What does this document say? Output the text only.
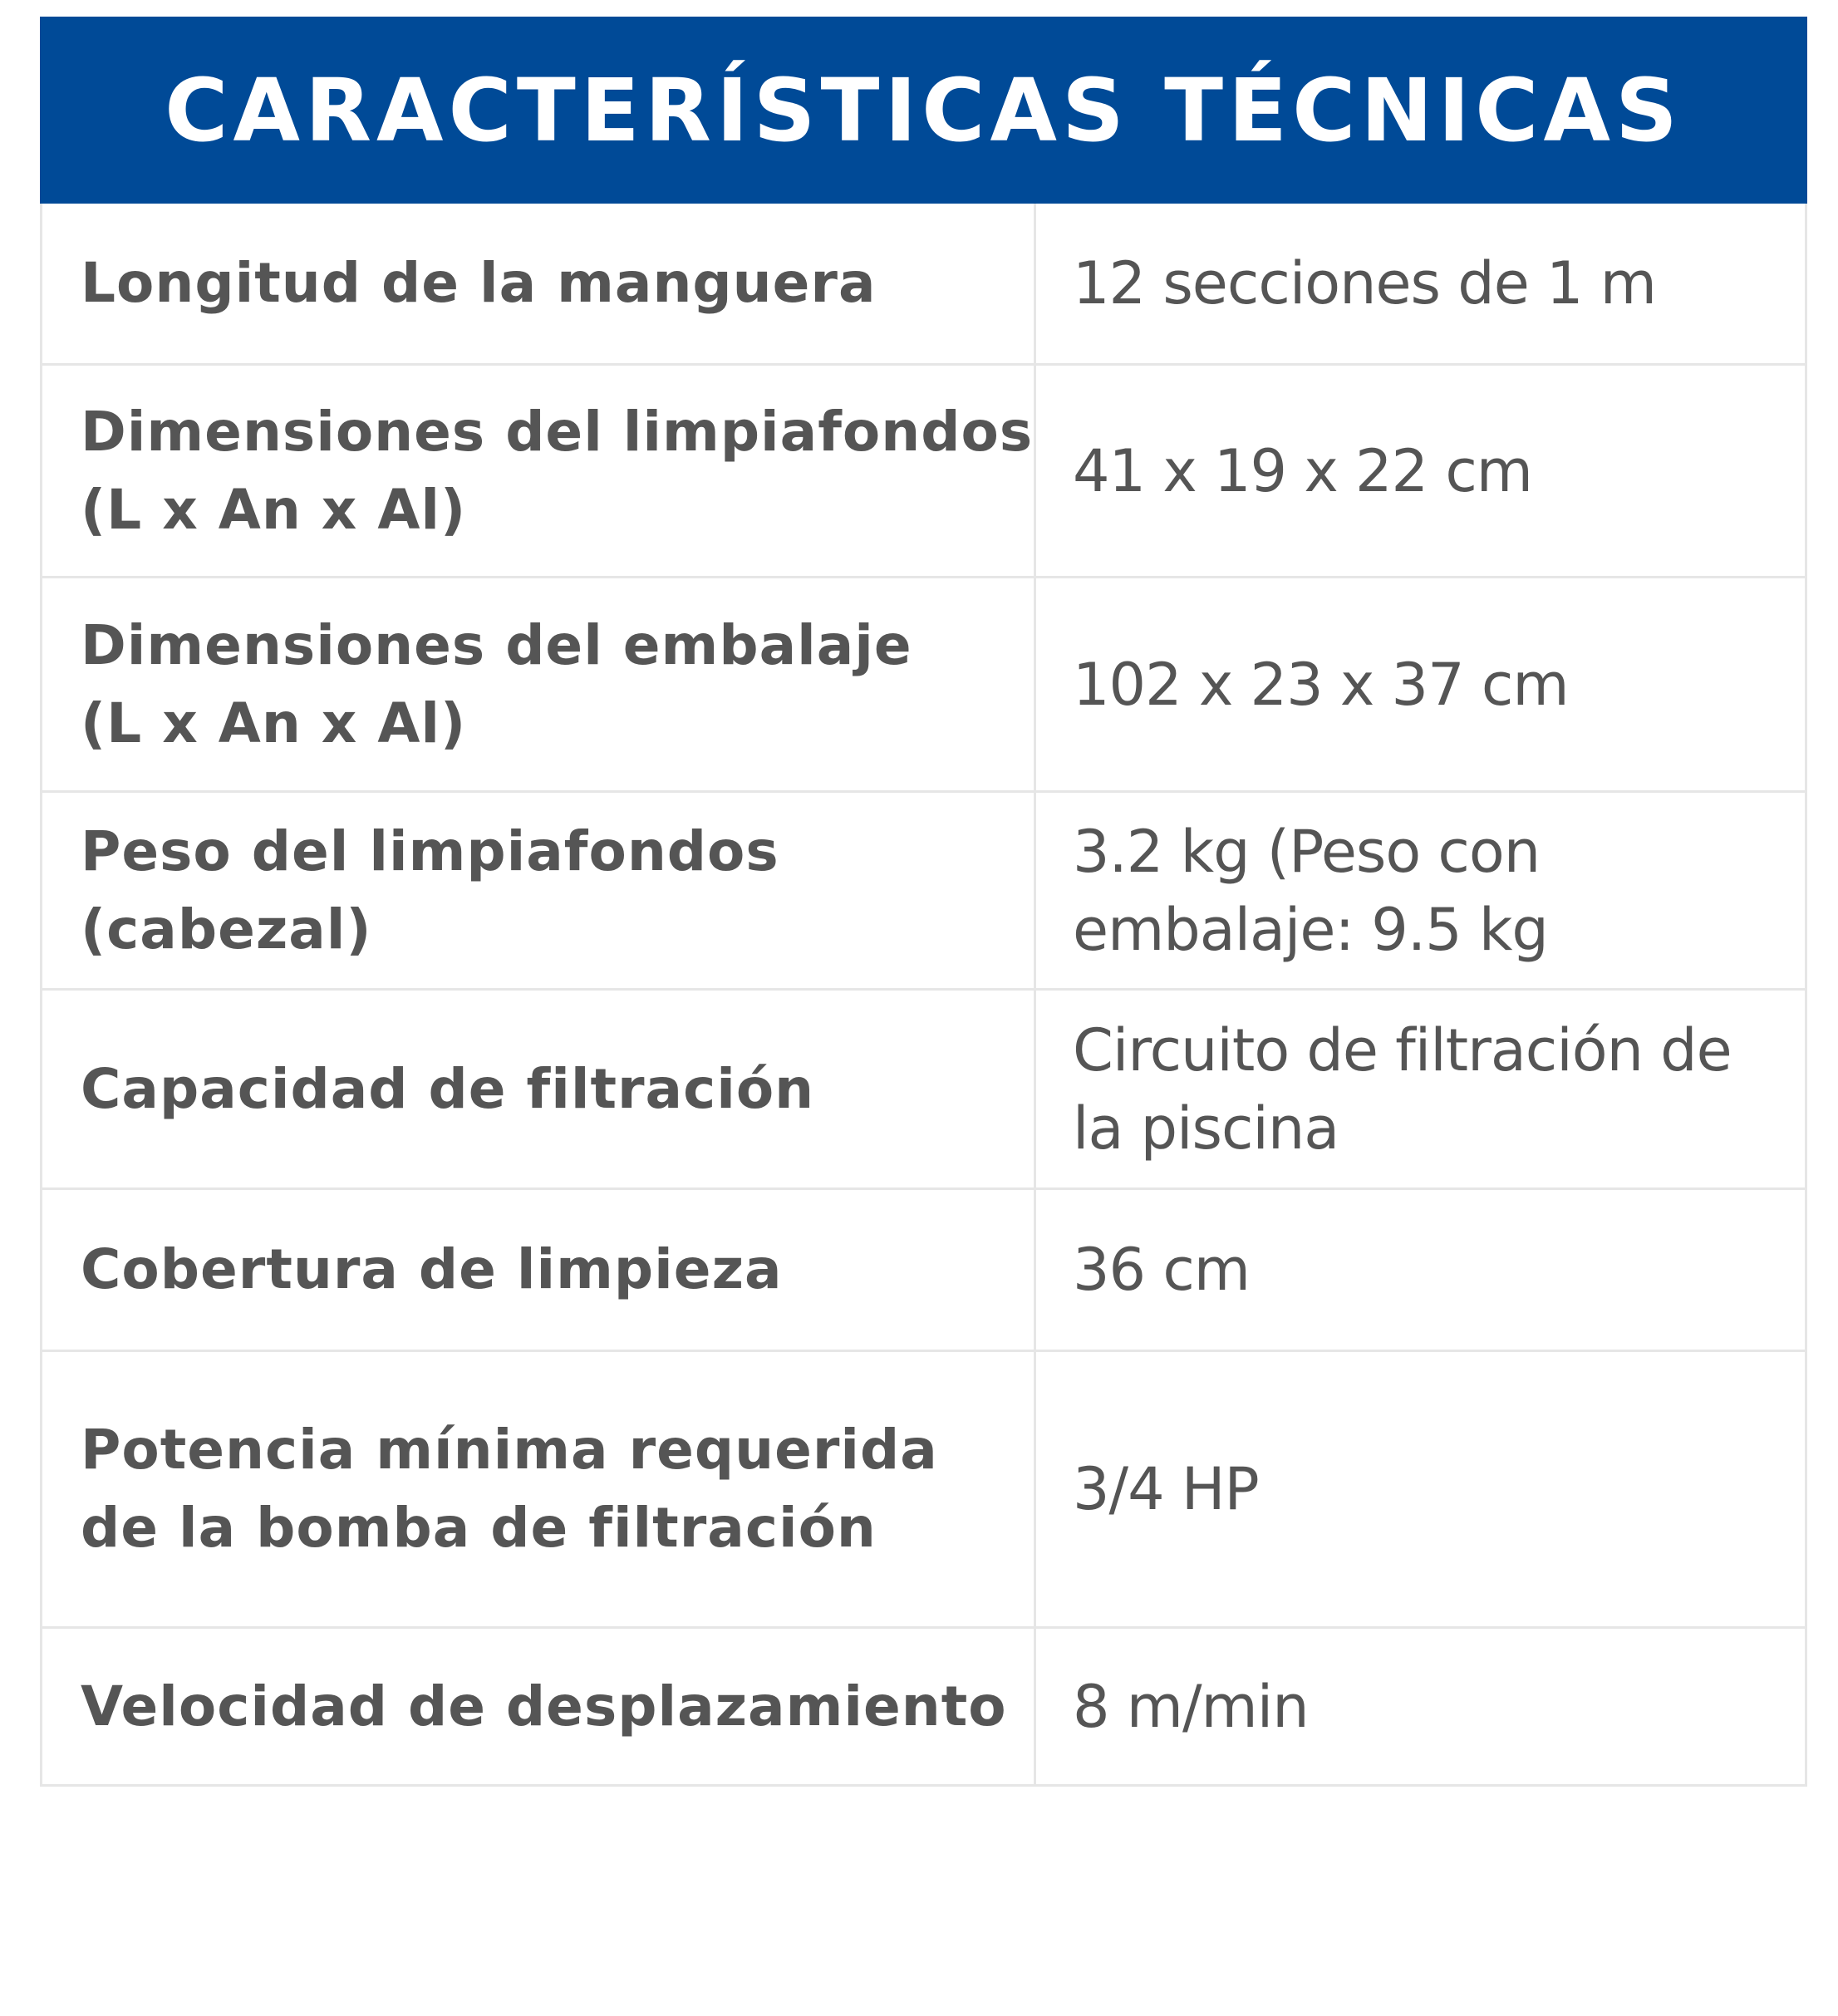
CARACTERÍSTICAS TÉCNICAS	

Longitud de la manguera	12 secciones de 1 m

Dimensiones del limpiafondos
(L x An x Al)	41 x 19 x 22 cm

Dimensiones del embalaje
(L x An x Al)	102 x 23 x 37 cm

Peso del limpiafondos
(cabezal)	3.2 kg (Peso con
embalaje: 9.5 kg

Capacidad de filtración	Circuito de filtración de
la piscina

Cobertura de limpieza	36 cm

Potencia mínima requerida
de la bomba de filtración	3/4 HP

Velocidad de desplazamiento	8 m/min
